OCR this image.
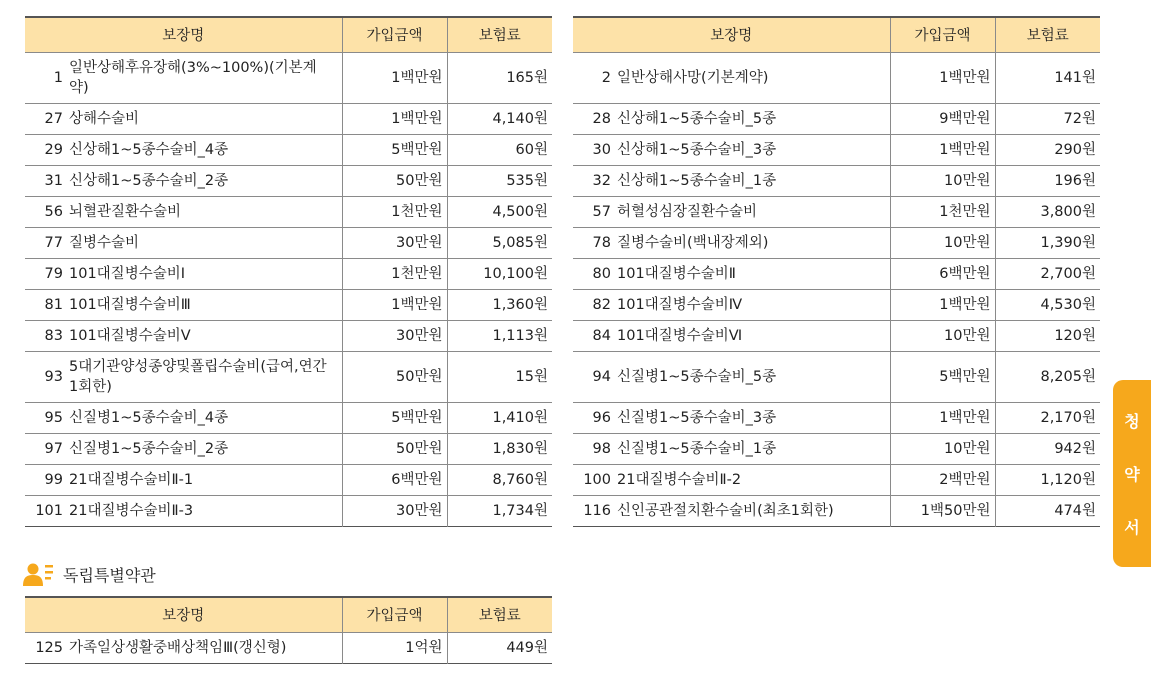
보장명	가입금액	보험료

1
일반상해후유장해(3%~100%)(기본계약)	1백만원	165원

27 상해수술비	1백만원	4,140원

29 신상해1~5종수술비_4종	5백만원	60원

31 신상해1~5종수술비_2종	50만원	535원

56 뇌혈관질환수술비	1천만원	4,500원

77 질병수술비	30만원	5,085원

79 101대질병수술비Ⅰ	1천만원	10,100원

81 101대질병수술비Ⅲ	1백만원	1,360원

83 101대질병수술비Ⅴ	30만원	1,113원

93
5대기관양성종양및폴립수술비(급여,연간1회한)	50만원	15원

95 신질병1~5종수술비_4종	5백만원	1,410원

97 신질병1~5종수술비_2종	50만원	1,830원

99 21대질병수술비Ⅱ-1	6백만원	8,760원

101 21대질병수술비Ⅱ-3	30만원	1,734원
보장명	가입금액	보험료

2 일반상해사망(기본계약)	1백만원	141원

28 신상해1~5종수술비_5종	9백만원	72원

30 신상해1~5종수술비_3종	1백만원	290원

32 신상해1~5종수술비_1종	10만원	196원

57 허혈성심장질환수술비	1천만원	3,800원

78 질병수술비(백내장제외)	10만원	1,390원

80 101대질병수술비Ⅱ	6백만원	2,700원

82 101대질병수술비Ⅳ	1백만원	4,530원

84 101대질병수술비Ⅵ	10만원	120원

94 신질병1~5종수술비_5종	5백만원	8,205원

96 신질병1~5종수술비_3종	1백만원	2,170원

98 신질병1~5종수술비_1종	10만원	942원

100 21대질병수술비Ⅱ-2	2백만원	1,120원

116 신인공관절치환수술비(최초1회한)	1백50만원	474원
독립특별약관
보장명	가입금액	보험료

125 가족일상생활중배상책임Ⅲ(갱신형)	1억원	449원
청
약
서
